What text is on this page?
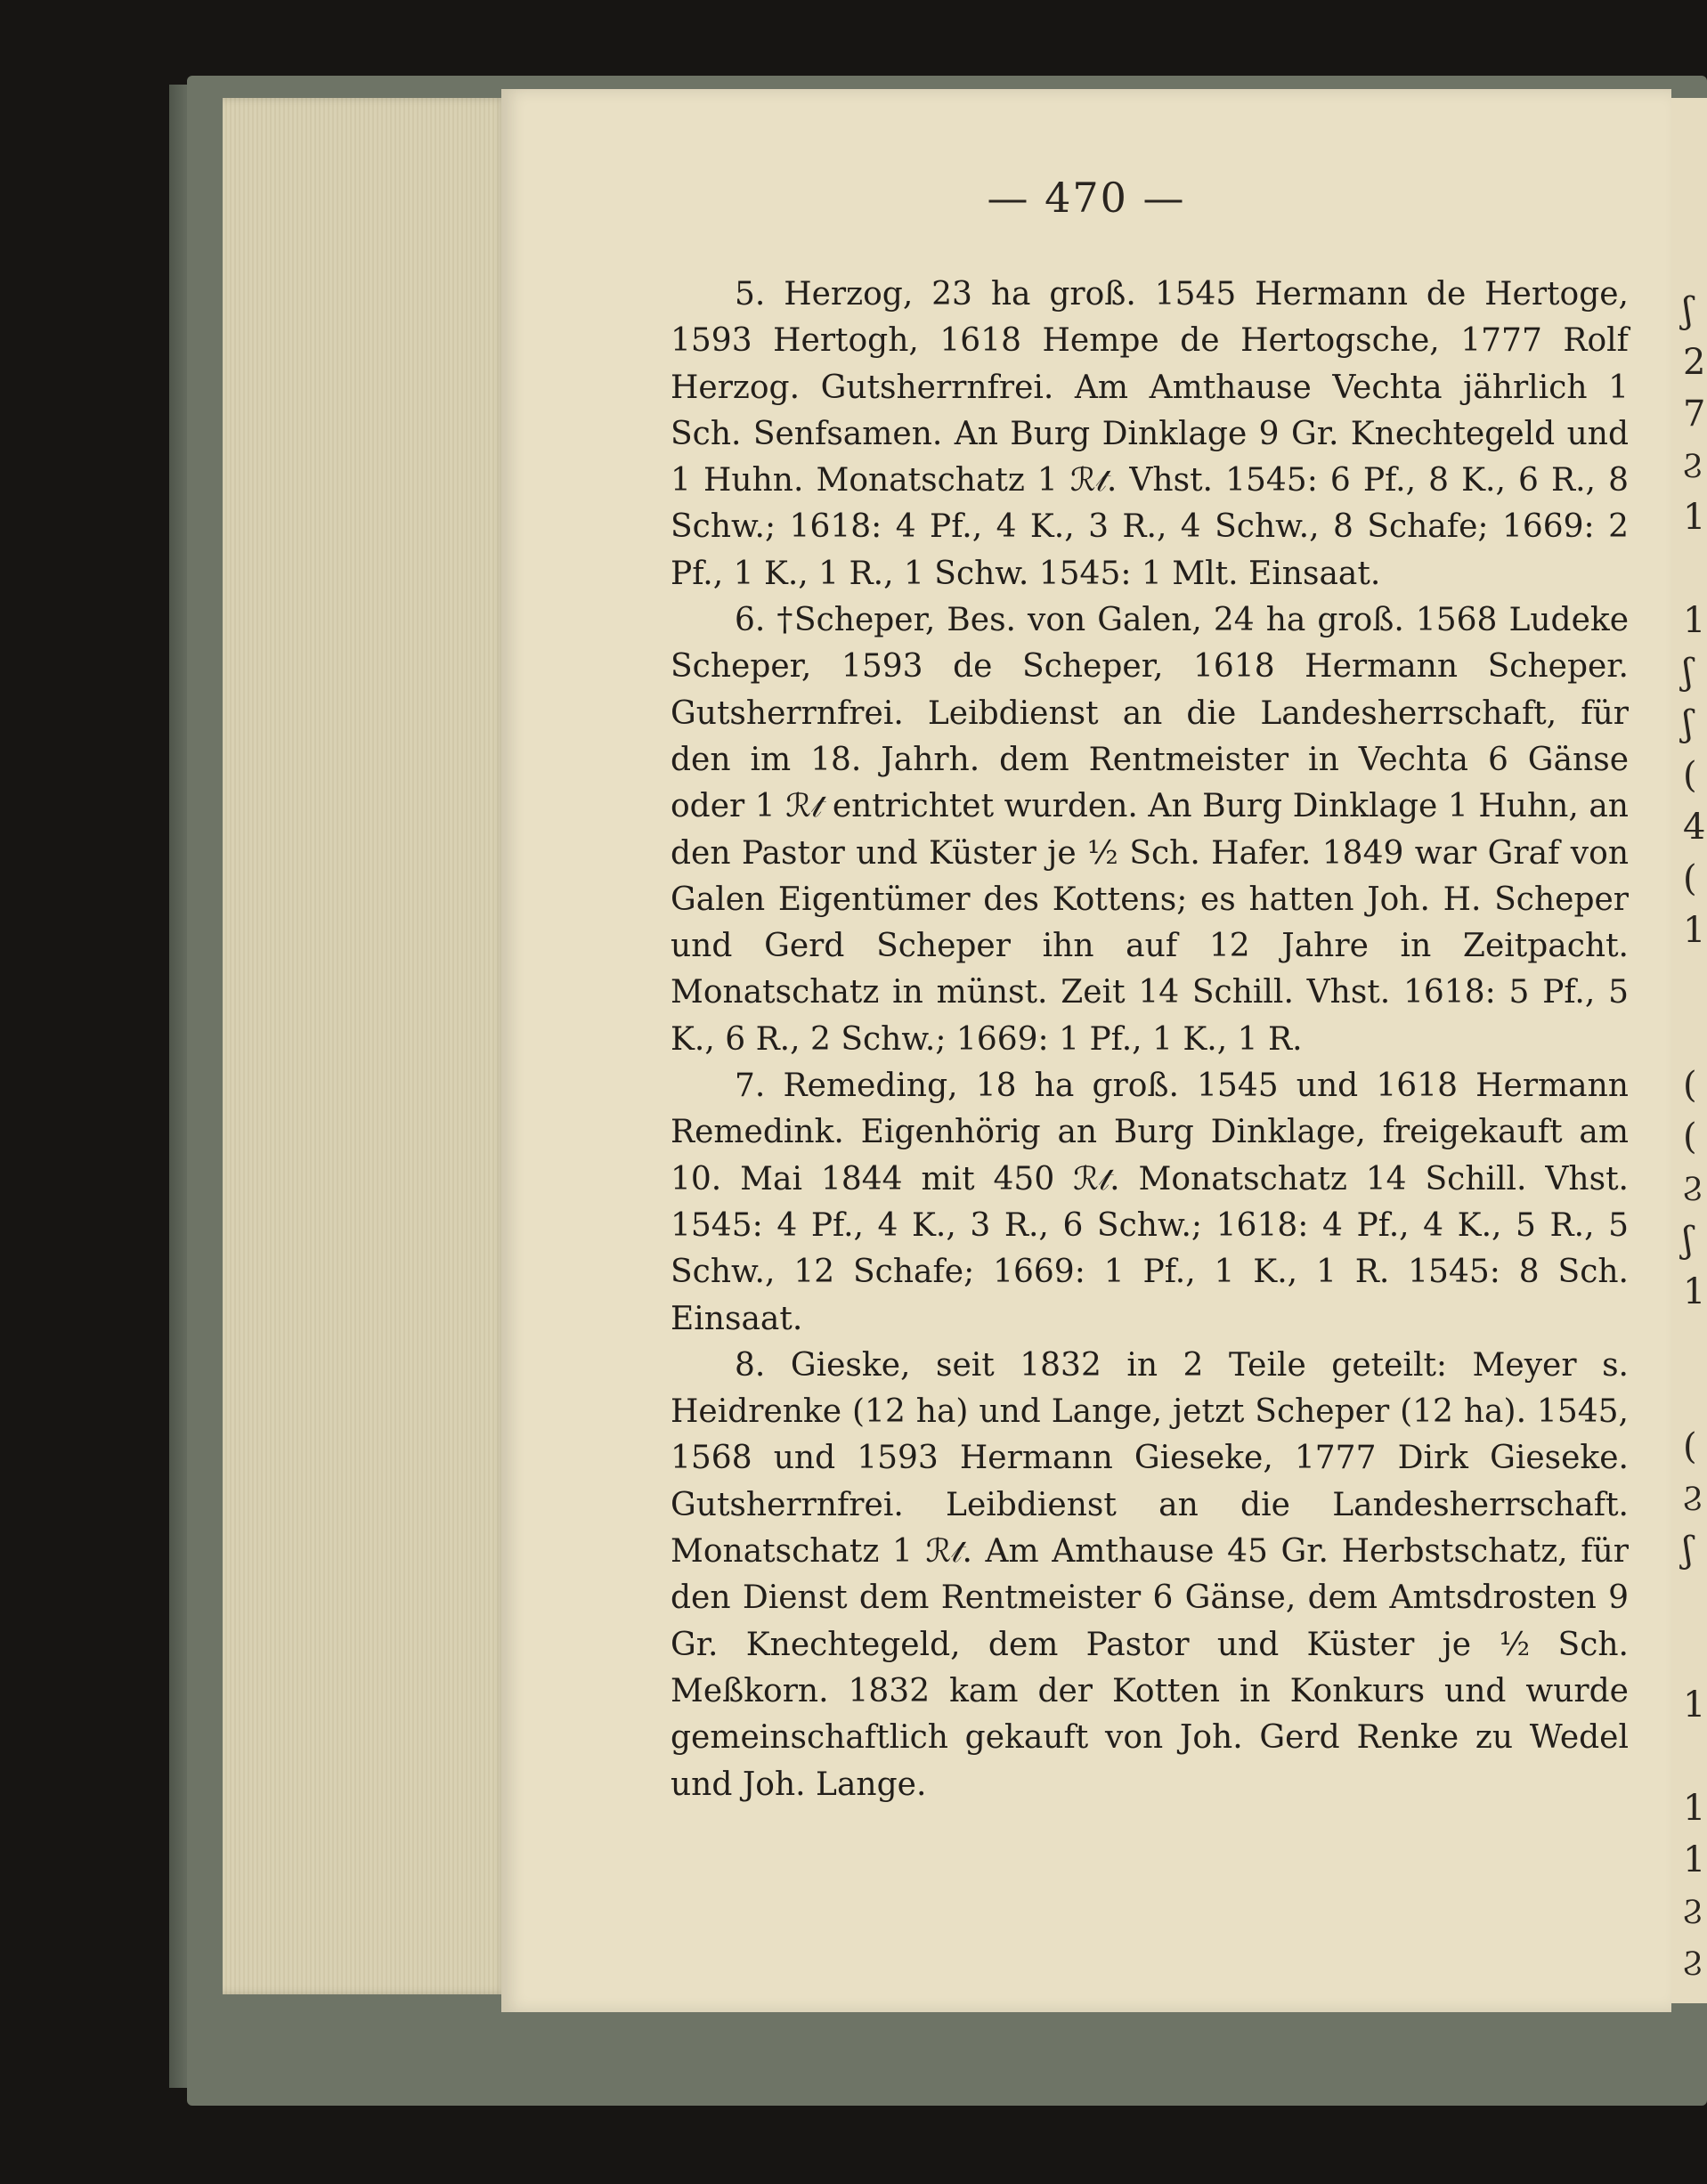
ʃ
2
7
Ϩ
1

1
ʃ
ʃ
(
4
(
1

(
(
Ϩ
ʃ
1

(
Ϩ
ʃ

1

1
1
Ϩ
Ϩ
— 470 —

5. Herzog, 23 ha groß. 1545 Hermann de Hertoge, 1593 Hertogh, 1618 Hempe de Hertogsche, 1777 Rolf Herzog. Gutsherrnfrei. Am Amthause Vechta jährlich 1 Sch. Senfsamen. An Burg Dinklage 9 Gr. Knechtegeld und 1 Huhn. Monatschatz 1 ℛ𝓉. Vhst. 1545: 6 Pf., 8 K., 6 R., 8 Schw.; 1618: 4 Pf., 4 K., 3 R., 4 Schw., 8 Schafe; 1669: 2 Pf., 1 K., 1 R., 1 Schw. 1545: 1 Mlt. Einsaat.

6. †Scheper, Bes. von Galen, 24 ha groß. 1568 Ludeke Scheper, 1593 de Scheper, 1618 Hermann Scheper. Gutsherrnfrei. Leibdienst an die Landesherrschaft, für den im 18. Jahrh. dem Rentmeister in Vechta 6 Gänse oder 1 ℛ𝓉 entrichtet wurden. An Burg Dinklage 1 Huhn, an den Pastor und Küster je ½ Sch. Hafer. 1849 war Graf von Galen Eigentümer des Kottens; es hatten Joh. H. Scheper und Gerd Scheper ihn auf 12 Jahre in Zeitpacht. Monatschatz in münst. Zeit 14 Schill. Vhst. 1618: 5 Pf., 5 K., 6 R., 2 Schw.; 1669: 1 Pf., 1 K., 1 R.

7. Remeding, 18 ha groß. 1545 und 1618 Hermann Remedink. Eigenhörig an Burg Dinklage, freigekauft am 10. Mai 1844 mit 450 ℛ𝓉. Monatschatz 14 Schill. Vhst. 1545: 4 Pf., 4 K., 3 R., 6 Schw.; 1618: 4 Pf., 4 K., 5 R., 5 Schw., 12 Schafe; 1669: 1 Pf., 1 K., 1 R. 1545: 8 Sch. Einsaat.

8. Gieske, seit 1832 in 2 Teile geteilt: Meyer s. Heidrenke (12 ha) und Lange, jetzt Scheper (12 ha). 1545, 1568 und 1593 Hermann Gieseke, 1777 Dirk Gieseke. Gutsherrnfrei. Leibdienst an die Landesherrschaft. Monatschatz 1 ℛ𝓉. Am Amthause 45 Gr. Herbstschatz, für den Dienst dem Rentmeister 6 Gänse, dem Amtsdrosten 9 Gr. Knechtegeld, dem Pastor und Küster je ½ Sch. Meßkorn. 1832 kam der Kotten in Konkurs und wurde gemeinschaftlich gekauft von Joh. Gerd Renke zu Wedel und Joh. Lange.
